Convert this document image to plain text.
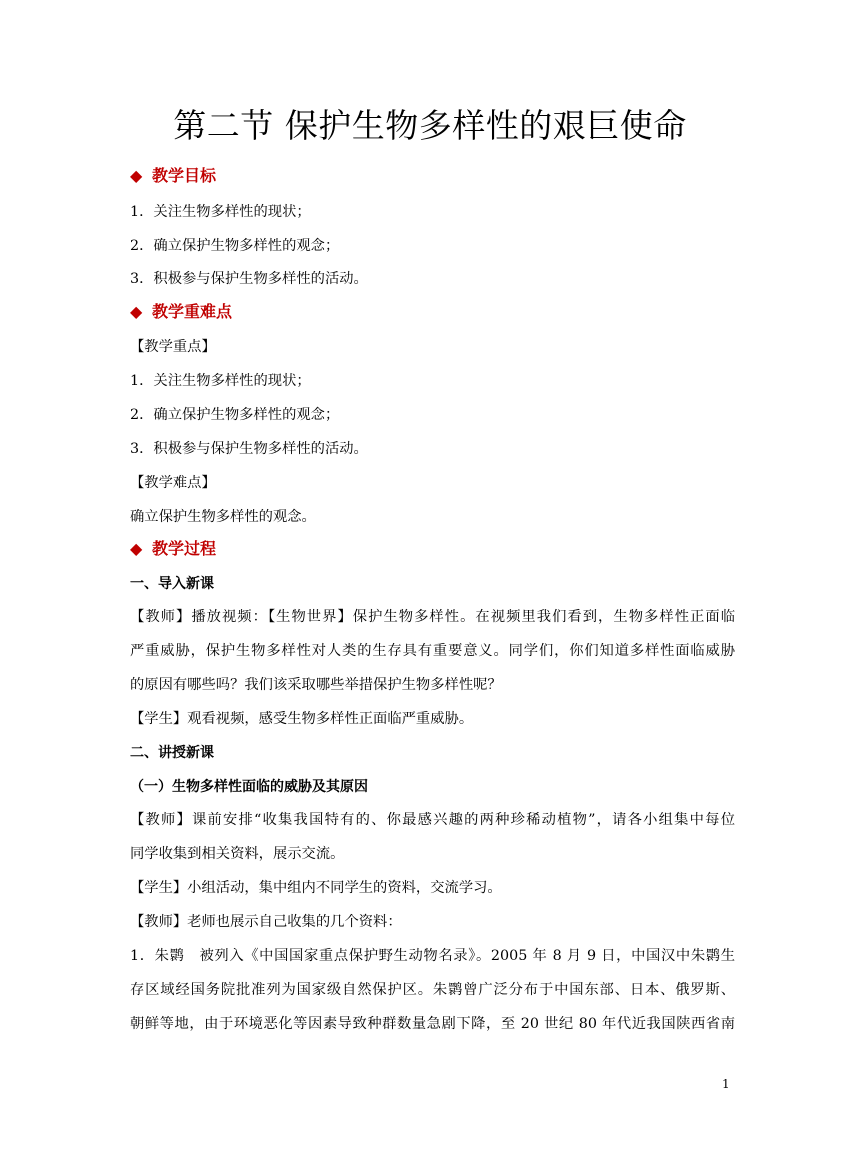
第二节 保护生物多样性的艰巨使命
◆ 教学目标
1．关注生物多样性的现状；
2．确立保护生物多样性的观念；
3．积极参与保护生物多样性的活动。
◆ 教学重难点
【教学重点】
1．关注生物多样性的现状；
2．确立保护生物多样性的观念；
3．积极参与保护生物多样性的活动。
【教学难点】
确立保护生物多样性的观念。
◆ 教学过程
一、导入新课
【教师】播放视频：【生物世界】保护生物多样性。在视频里我们看到，生物多样性正面临
严重威胁，保护生物多样性对人类的生存具有重要意义。同学们，你们知道多样性面临威胁
的原因有哪些吗？我们该采取哪些举措保护生物多样性呢？
【学生】观看视频，感受生物多样性正面临严重威胁。
二、讲授新课
（一）生物多样性面临的威胁及其原因
【教师】课前安排“收集我国特有的、你最感兴趣的两种珍稀动植物”，请各小组集中每位
同学收集到相关资料，展示交流。
【学生】小组活动，集中组内不同学生的资料，交流学习。
【教师】老师也展示自己收集的几个资料：
1．朱鹮　被列入《中国国家重点保护野生动物名录》。2005 年 8 月 9 日，中国汉中朱鹮生
存区域经国务院批准列为国家级自然保护区。朱鹮曾广泛分布于中国东部、日本、俄罗斯、
朝鲜等地，由于环境恶化等因素导致种群数量急剧下降，至 20 世纪 80 年代近我国陕西省南
1
